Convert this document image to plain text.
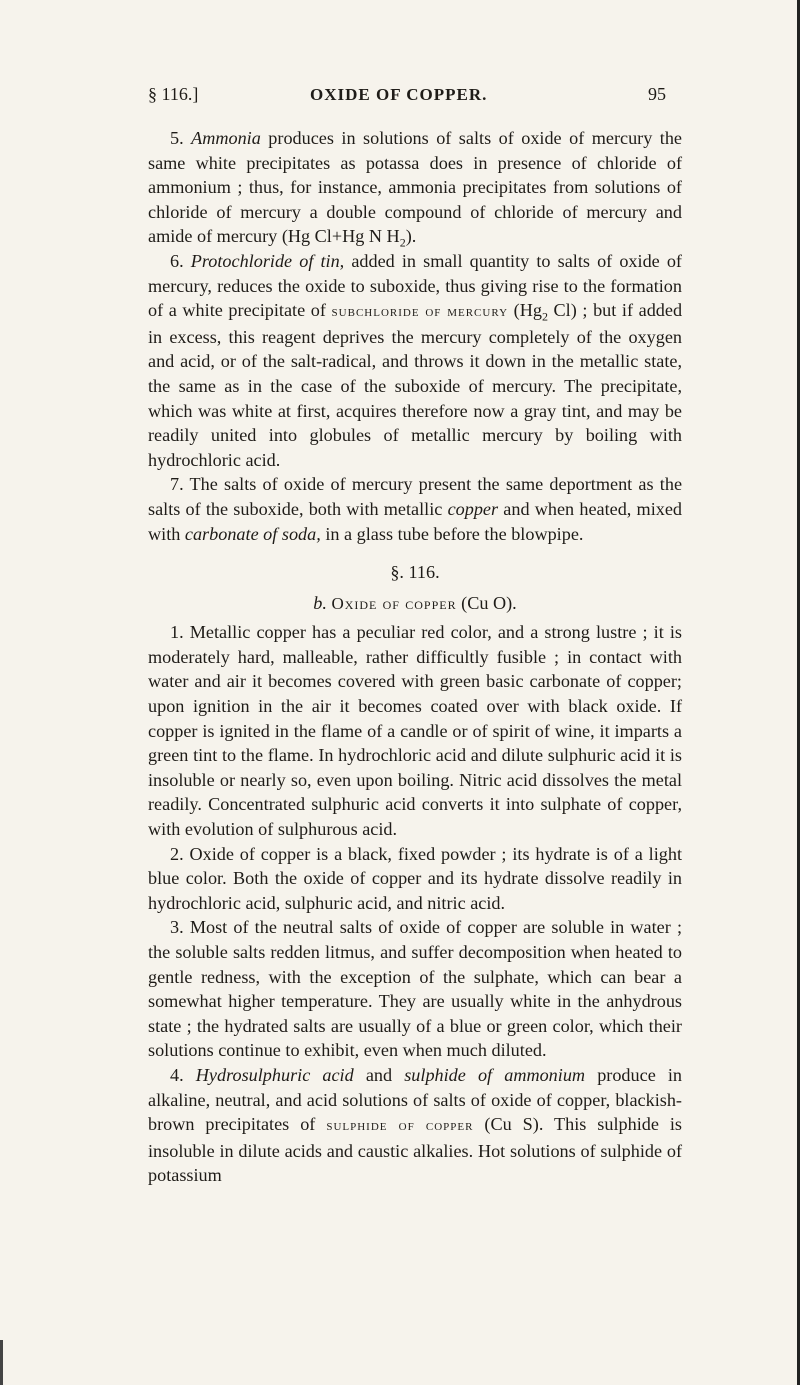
§ 116.]	OXIDE OF COPPER.	95

5. Ammonia produces in solutions of salts of oxide of mercury the same white precipitates as potassa does in presence of chloride of ammonium ; thus, for instance, ammonia precipitates from solutions of chloride of mercury a double compound of chloride of mercury and amide of mercury (Hg Cl+Hg N $H_2$).

6. Protochloride of tin, added in small quantity to salts of oxide of mercury, reduces the oxide to suboxide, thus giving rise to the formation of a white precipitate of subchloride of mercury ($Hg_2$ Cl) ; but if added in excess, this reagent deprives the mercury completely of the oxygen and acid, or of the salt-radical, and throws it down in the metallic state, the same as in the case of the suboxide of mercury. The precipitate, which was white at first, acquires therefore now a gray tint, and may be readily united into globules of metallic mercury by boiling with hydrochloric acid.

7. The salts of oxide of mercury present the same deportment as the salts of the suboxide, both with metallic copper and when heated, mixed with carbonate of soda, in a glass tube before the blowpipe.

§. 116.

b. Oxide of copper (Cu O).

1. Metallic copper has a peculiar red color, and a strong lustre ; it is moderately hard, malleable, rather difficultly fusible ; in contact with water and air it becomes covered with green basic carbonate of copper; upon ignition in the air it becomes coated over with black oxide. If copper is ignited in the flame of a candle or of spirit of wine, it imparts a green tint to the flame. In hydrochloric acid and dilute sulphuric acid it is insoluble or nearly so, even upon boiling. Nitric acid dissolves the metal readily. Concentrated sulphuric acid converts it into sulphate of copper, with evolution of sulphurous acid.

2. Oxide of copper is a black, fixed powder ; its hydrate is of a light blue color. Both the oxide of copper and its hydrate dissolve readily in hydrochloric acid, sulphuric acid, and nitric acid.

3. Most of the neutral salts of oxide of copper are soluble in water ; the soluble salts redden litmus, and suffer decomposition when heated to gentle redness, with the exception of the sulphate, which can bear a somewhat higher temperature. They are usually white in the anhydrous state ; the hydrated salts are usually of a blue or green color, which their solutions continue to exhibit, even when much diluted.

4. Hydrosulphuric acid and sulphide of ammonium produce in alkaline, neutral, and acid solutions of salts of oxide of copper, blackish-brown precipitates of sulphide of copper (Cu S). This sulphide is insoluble in dilute acids and caustic alkalies. Hot solutions of sulphide of potassium
